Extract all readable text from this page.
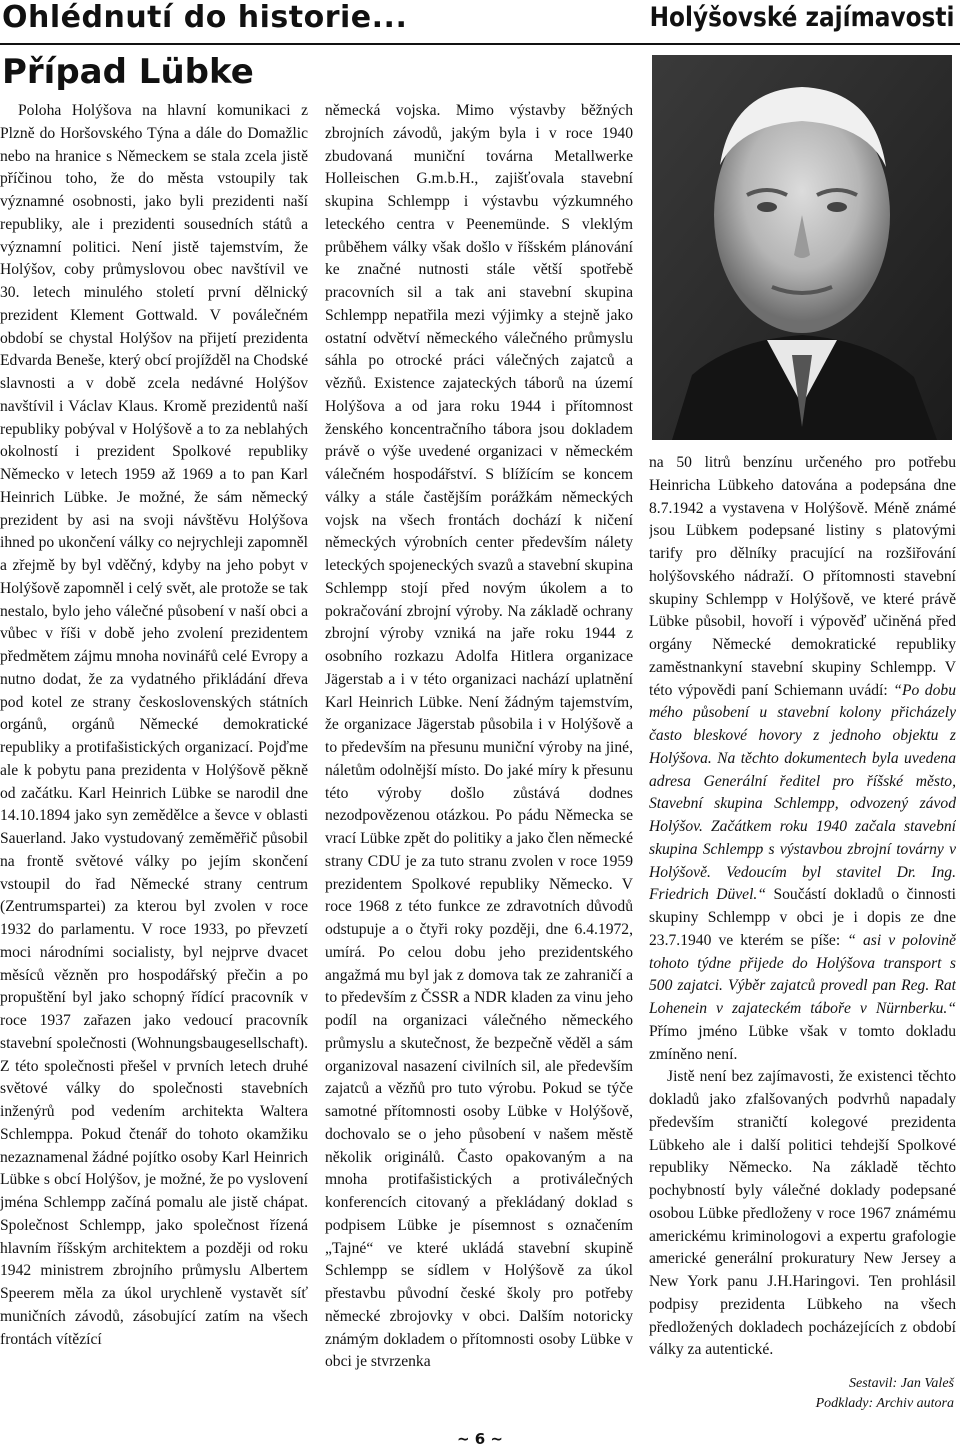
Ohlédnutí do historie...	Holýšovské zajímavosti
Případ Lübke

Poloha Holýšova na hlavní komunikaci z Plzně do Horšovského Týna a dále do Domažlic nebo na hranice s Německem se stala zcela jistě příčinou toho, že do města vstoupily tak významné osobnosti, jako byli prezidenti naší republiky, ale i prezidenti sousedních států a významní politici. Není jistě tajemstvím, že Holýšov, coby průmyslovou obec navštívil ve 30. letech minulého století první dělnický prezident Klement Gottwald. V poválečném období se chystal Holýšov na přijetí prezidenta Edvarda Beneše, který obcí projížděl na Chodské slavnosti a v době zcela nedávné Holýšov navštívil i Václav Klaus. Kromě prezidentů naší republiky pobýval v Holýšově a to za neblahých okolností i prezident Spolkové republiky Německo v letech 1959 až 1969 a to pan Karl Heinrich Lübke. Je možné, že sám německý prezident by asi na svoji návštěvu Holýšova ihned po ukončení války co nejrychleji zapomněl a zřejmě by byl vděčný, kdyby na jeho pobyt v Holýšově zapomněl i celý svět, ale protože se tak nestalo, bylo jeho válečné působení v naší obci a vůbec v říši v době jeho zvolení prezidentem předmětem zájmu mnoha novinářů celé Evropy a nutno dodat, že za vydatného přikládání dřeva pod kotel ze strany československých státních orgánů, orgánů Německé demokratické republiky a protifašistických organizací. Pojďme ale k pobytu pana prezidenta v Holýšově pěkně od začátku. Karl Heinrich Lübke se narodil dne 14.10.1894 jako syn zemědělce a ševce v oblasti Sauerland. Jako vystudovaný zeměměřič působil na frontě světové války po jejím skončení vstoupil do řad Německé strany centrum (Zentrumspartei) za kterou byl zvolen v roce 1932 do parlamentu. V roce 1933, po převzetí moci národními socialisty, byl nejprve dvacet měsíců vězněn pro hospodářský přečin a po propuštění byl jako schopný řídící pracovník v roce 1937 zařazen jako vedoucí pracovník stavební společnosti (Wohnungsbaugesellschaft). Z této společnosti přešel v prvních letech druhé světové války do společnosti stavebních inženýrů pod vedením architekta Waltera Schlemppa. Pokud čtenář do tohoto okamžiku nezaznamenal žádné pojítko osoby Karl Heinrich Lübke s obcí Holýšov, je možné, že po vyslovení jména Schlempp začíná pomalu ale jistě chápat. Společnost Schlempp, jako společnost řízená hlavním říšským architektem a později od roku 1942 ministrem zbrojního průmyslu Albertem Speerem měla za úkol urychleně vystavět síť muničních závodů, zásobující zatím na všech frontách vítězící

německá vojska. Mimo výstavby běžných zbrojních závodů, jakým byla i v roce 1940 zbudovaná muniční továrna Metallwerke Holleischen G.m.b.H., zajišťovala stavební skupina Schlempp i výstavbu výzkumného leteckého centra v Peenemünde. S vleklým průběhem války však došlo v říšském plánování ke značné nutnosti stále větší spotřebě pracovních sil a tak ani stavební skupina Schlempp nepatřila mezi výjimky a stejně jako ostatní odvětví německého válečného průmyslu sáhla po otrocké práci válečných zajatců a vězňů. Existence zajateckých táborů na území Holýšova a od jara roku 1944 i přítomnost ženského koncentračního tábora jsou dokladem právě o výše uvedené organizaci v německém válečném hospodářství. S blížícím se koncem války a stále častějším porážkám německých vojsk na všech frontách dochází k ničení německých výrobních center především nálety leteckých spojeneckých svazů a stavební skupina Schlempp stojí před novým úkolem a to pokračování zbrojní výroby. Na základě ochrany zbrojní výroby vzniká na jaře roku 1944 z osobního rozkazu Adolfa Hitlera organizace Jägerstab a i v této organizaci nachází uplatnění Karl Heinrich Lübke. Není žádným tajemstvím, že organizace Jägerstab působila i v Holýšově a to především na přesunu muniční výroby na jiné, náletům odolnější místo. Do jaké míry k přesunu této výroby došlo zůstává dodnes nezodpovězenou otázkou. Po pádu Německa se vrací Lübke zpět do politiky a jako člen německé strany CDU je za tuto stranu zvolen v roce 1959 prezidentem Spolkové republiky Německo. V roce 1968 z této funkce ze zdravotních důvodů odstupuje a o čtyři roky později, dne 6.4.1972, umírá. Po celou dobu jeho prezidentského angažmá mu byl jak z domova tak ze zahraničí a to především z ČSSR a NDR kladen za vinu jeho podíl na organizaci válečného německého průmyslu a skutečnost, že bezpečně věděl a sám organizoval nasazení civilních sil, ale především zajatců a vězňů pro tuto výrobu. Pokud se týče samotné přítomnosti osoby Lübke v Holýšově, dochovalo se o jeho působení v našem městě několik originálů. Často opakovaným a na mnoha protifašistických a protiválečných konferencích citovaný a překládaný doklad s podpisem Lübke je písemnost s označením „Tajné“ ve které ukládá stavební skupině Schlempp se sídlem v Holýšově za úkol přestavbu původní české školy pro potřeby německé zbrojovky v obci. Dalším notoricky známým dokladem o přítomnosti osoby Lübke v obci je stvrzenka

na 50 litrů benzínu určeného pro potřebu Heinricha Lübkeho datována a podepsána dne 8.7.1942 a vystavena v Holýšově. Méně známé jsou Lübkem podepsané listiny s platovými tarify pro dělníky pracující na rozšiřování holýšovského nádraží. O přítomnosti stavební skupiny Schlempp v Holýšově, ve které právě Lübke působil, hovoří i výpověď učiněná před orgány Německé demokratické republiky zaměstnankyní stavební skupiny Schlempp. V této výpovědi paní Schiemann uvádí: “Po dobu mého působení u stavební kolony přicházely často bleskové hovory z jednoho objektu z Holýšova. Na těchto dokumentech byla uvedena adresa Generální ředitel pro říšské město, Stavební skupina Schlempp, odvozený závod Holýšov. Začátkem roku 1940 začala stavební skupina Schlempp s výstavbou zbrojní továrny v Holýšově. Vedoucím byl stavitel Dr. Ing. Friedrich Düvel.“ Součástí dokladů o činnosti skupiny Schlempp v obci je i dopis ze dne 23.7.1940 ve kterém se píše: “ asi v polovině tohoto týdne přijede do Holýšova transport s 500 zajatci. Výběr zajatců provedl pan Reg. Rat Lohenein v zajateckém táboře v Nürnberku.“ Přímo jméno Lübke však v tomto dokladu zmíněno není.

Jistě není bez zajímavosti, že existenci těchto dokladů jako zfalšovaných podvrhů napadaly především straničtí kolegové prezidenta Lübkeho ale i další politici tehdejší Spolkové republiky Německo. Na základě těchto pochybností byly válečné doklady podepsané osobou Lübke předloženy v roce 1967 známému americkému kriminologovi a expertu grafologie americké generální prokuratury New Jersey a New York panu J.H.Haringovi. Ten prohlásil podpisy prezidenta Lübkeho na všech předložených dokladech pocházejících z období války za autentické.

Sestavil: Jan Valeš
Podklady: Archiv autora
~ 6 ~
